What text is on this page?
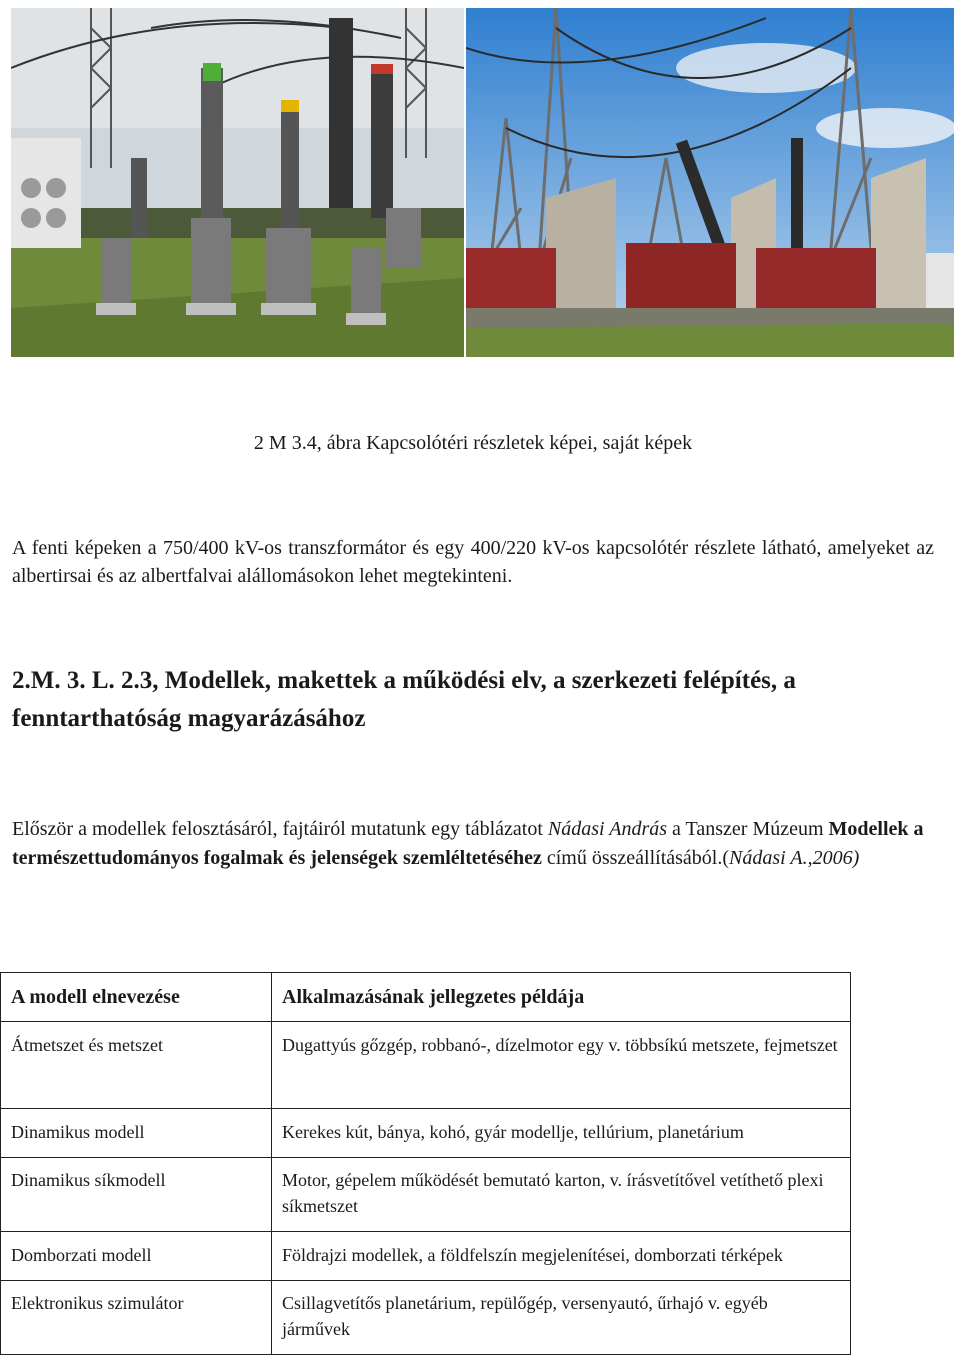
2 M 3.4, ábra Kapcsolótéri részletek képei, saját képek

A fenti képeken a 750/400 kV-os transzformátor és egy 400/220 kV-os kapcsolótér részlete látható, amelyeket az albertirsai és az albertfalvai alállomásokon lehet megtekinteni.

2.M. 3. L. 2.3, Modellek, makettek a működési elv, a szerkezeti felépítés, a fenntarthatóság magyarázásához

Először a modellek felosztásáról, fajtáiról mutatunk egy táblázatot Nádasi András a Tanszer Múzeum Modellek a természettudományos fogalmak és jelenségek szemléltetéséhez című összeállításából.(Nádasi A.,2006)

A modell elnevezése	Alkalmazásának jellegzetes példája
Átmetszet és metszet	Dugattyús gőzgép, robbanó-, dízelmotor egy v. többsíkú metszete, fejmetszet
Dinamikus modell	Kerekes kút, bánya, kohó, gyár modellje, tellúrium, planetárium
Dinamikus síkmodell	Motor, gépelem működését bemutató karton, v. írásvetítővel vetíthető plexi síkmetszet
Domborzati modell	Földrajzi modellek, a földfelszín megjelenítései, domborzati térképek
Elektronikus szimulátor	Csillagvetítős planetárium, repülőgép, versenyautó, űrhajó v. egyéb járművek
